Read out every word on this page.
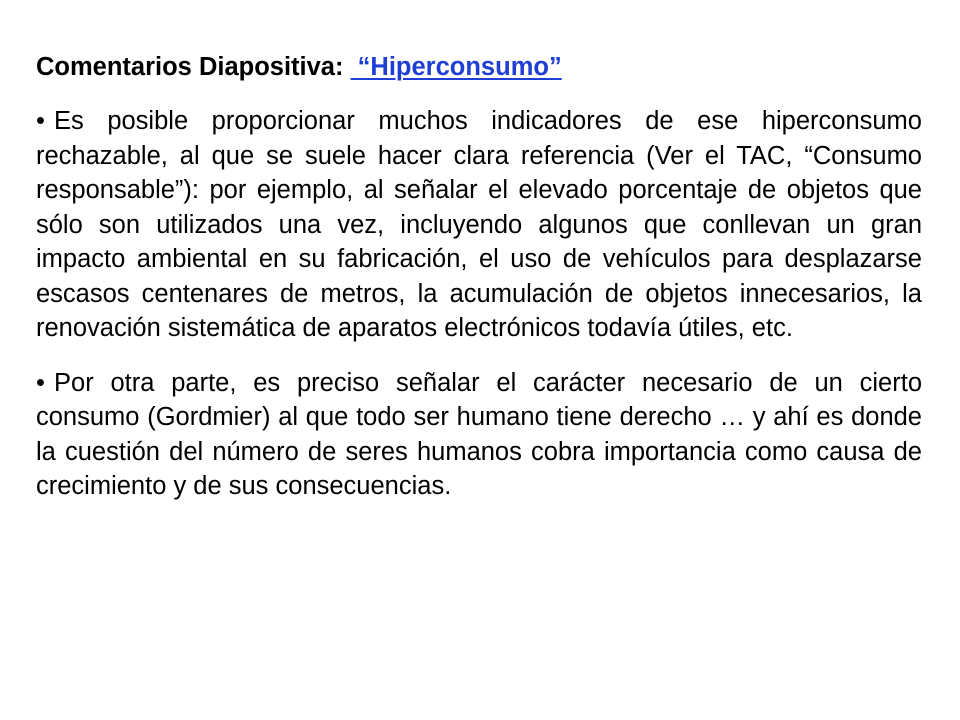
Comentarios Diapositiva:  “Hiperconsumo”

• Es posible proporcionar muchos indicadores de ese hiperconsumo rechazable, al que se suele hacer clara referencia (Ver el TAC, “Consumo responsable”): por ejemplo, al señalar el elevado porcentaje de objetos que sólo son utilizados una vez, incluyendo algunos que conllevan un gran impacto ambiental en su fabricación, el uso de vehículos para desplazarse escasos centenares de metros, la acumulación de objetos innecesarios, la renovación sistemática de aparatos electrónicos todavía útiles, etc.

• Por otra parte, es preciso señalar el carácter necesario de un cierto consumo (Gordmier) al que todo ser humano tiene derecho … y ahí es donde la cuestión del número de seres humanos cobra importancia como causa de crecimiento y de sus consecuencias.
